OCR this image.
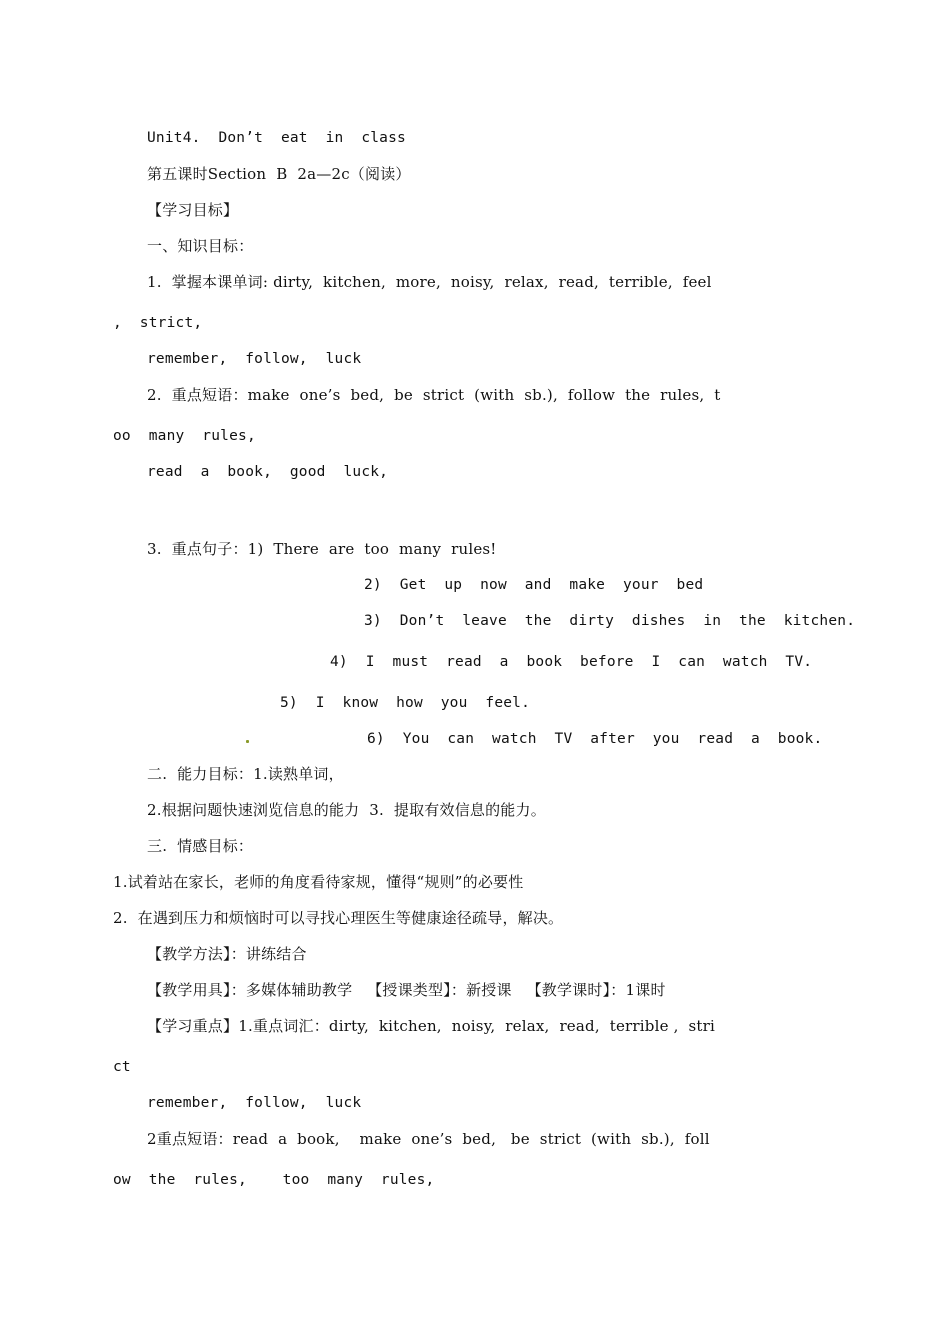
Unit4.  Don’t  eat  in  class
第五课时Section  B  2a—2c（阅读）
【学习目标】
一、知识目标：
1.  掌握本课单词: dirty,  kitchen,  more,  noisy,  relax,  read,  terrible,  feel
,  strict,
remember,  follow,  luck
2.  重点短语：make  one’s  bed,  be  strict  (with  sb.),  follow  the  rules,  t
oo  many  rules,
read  a  book,  good  luck,
3.  重点句子：1)  There  are  too  many  rules!
2)  Get  up  now  and  make  your  bed
3)  Don’t  leave  the  dirty  dishes  in  the  kitchen.
4)  I  must  read  a  book  before  I  can  watch  TV.
5)  I  know  how  you  feel.
6)  You  can  watch  TV  after  you  read  a  book.
二.  能力目标：1.读熟单词，
2.根据问题快速浏览信息的能力  3.  提取有效信息的能力。
三.  情感目标：
1.试着站在家长，老师的角度看待家规，懂得“规则”的必要性
2.  在遇到压力和烦恼时可以寻找心理医生等健康途径疏导，解决。
【教学方法】：讲练结合
【教学用具】：多媒体辅助教学   【授课类型】：新授课   【教学课时】：1课时
【学习重点】1.重点词汇：dirty,  kitchen,  noisy,  relax,  read,  terrible ,  stri
ct
remember,  follow,  luck
2重点短语：read  a  book,    make  one’s  bed,   be  strict  (with  sb.),  foll
ow  the  rules,    too  many  rules,
